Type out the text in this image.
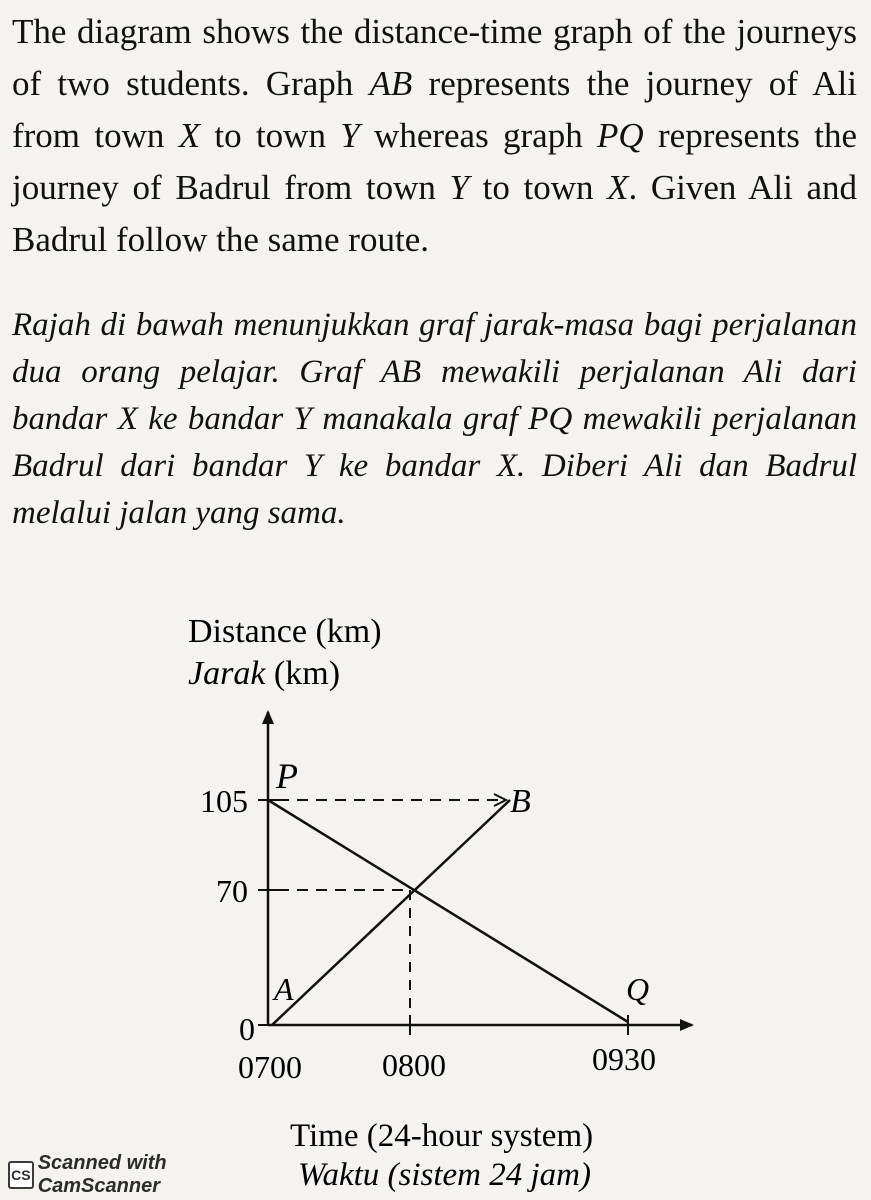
The diagram shows the distance-time graph of the journeys of two students. Graph AB represents the journey of Ali from town X to town Y whereas graph PQ represents the journey of Badrul from town Y to town X. Given Ali and Badrul follow the same route.

Rajah di bawah menunjukkan graf jarak-masa bagi perjalanan dua orang pelajar. Graf AB mewakili perjalanan Ali dari bandar X ke bandar Y manakala graf PQ mewakili perjalanan Badrul dari bandar Y ke bandar X. Diberi Ali dan Badrul melalui jalan yang sama.

Distance (km)
Jarak (km)
105
70
0
0700	0800	0930
P
B
A	Q
Time (24-hour system)
Waktu (sistem 24 jam)
CS
Scanned with CamScanner
